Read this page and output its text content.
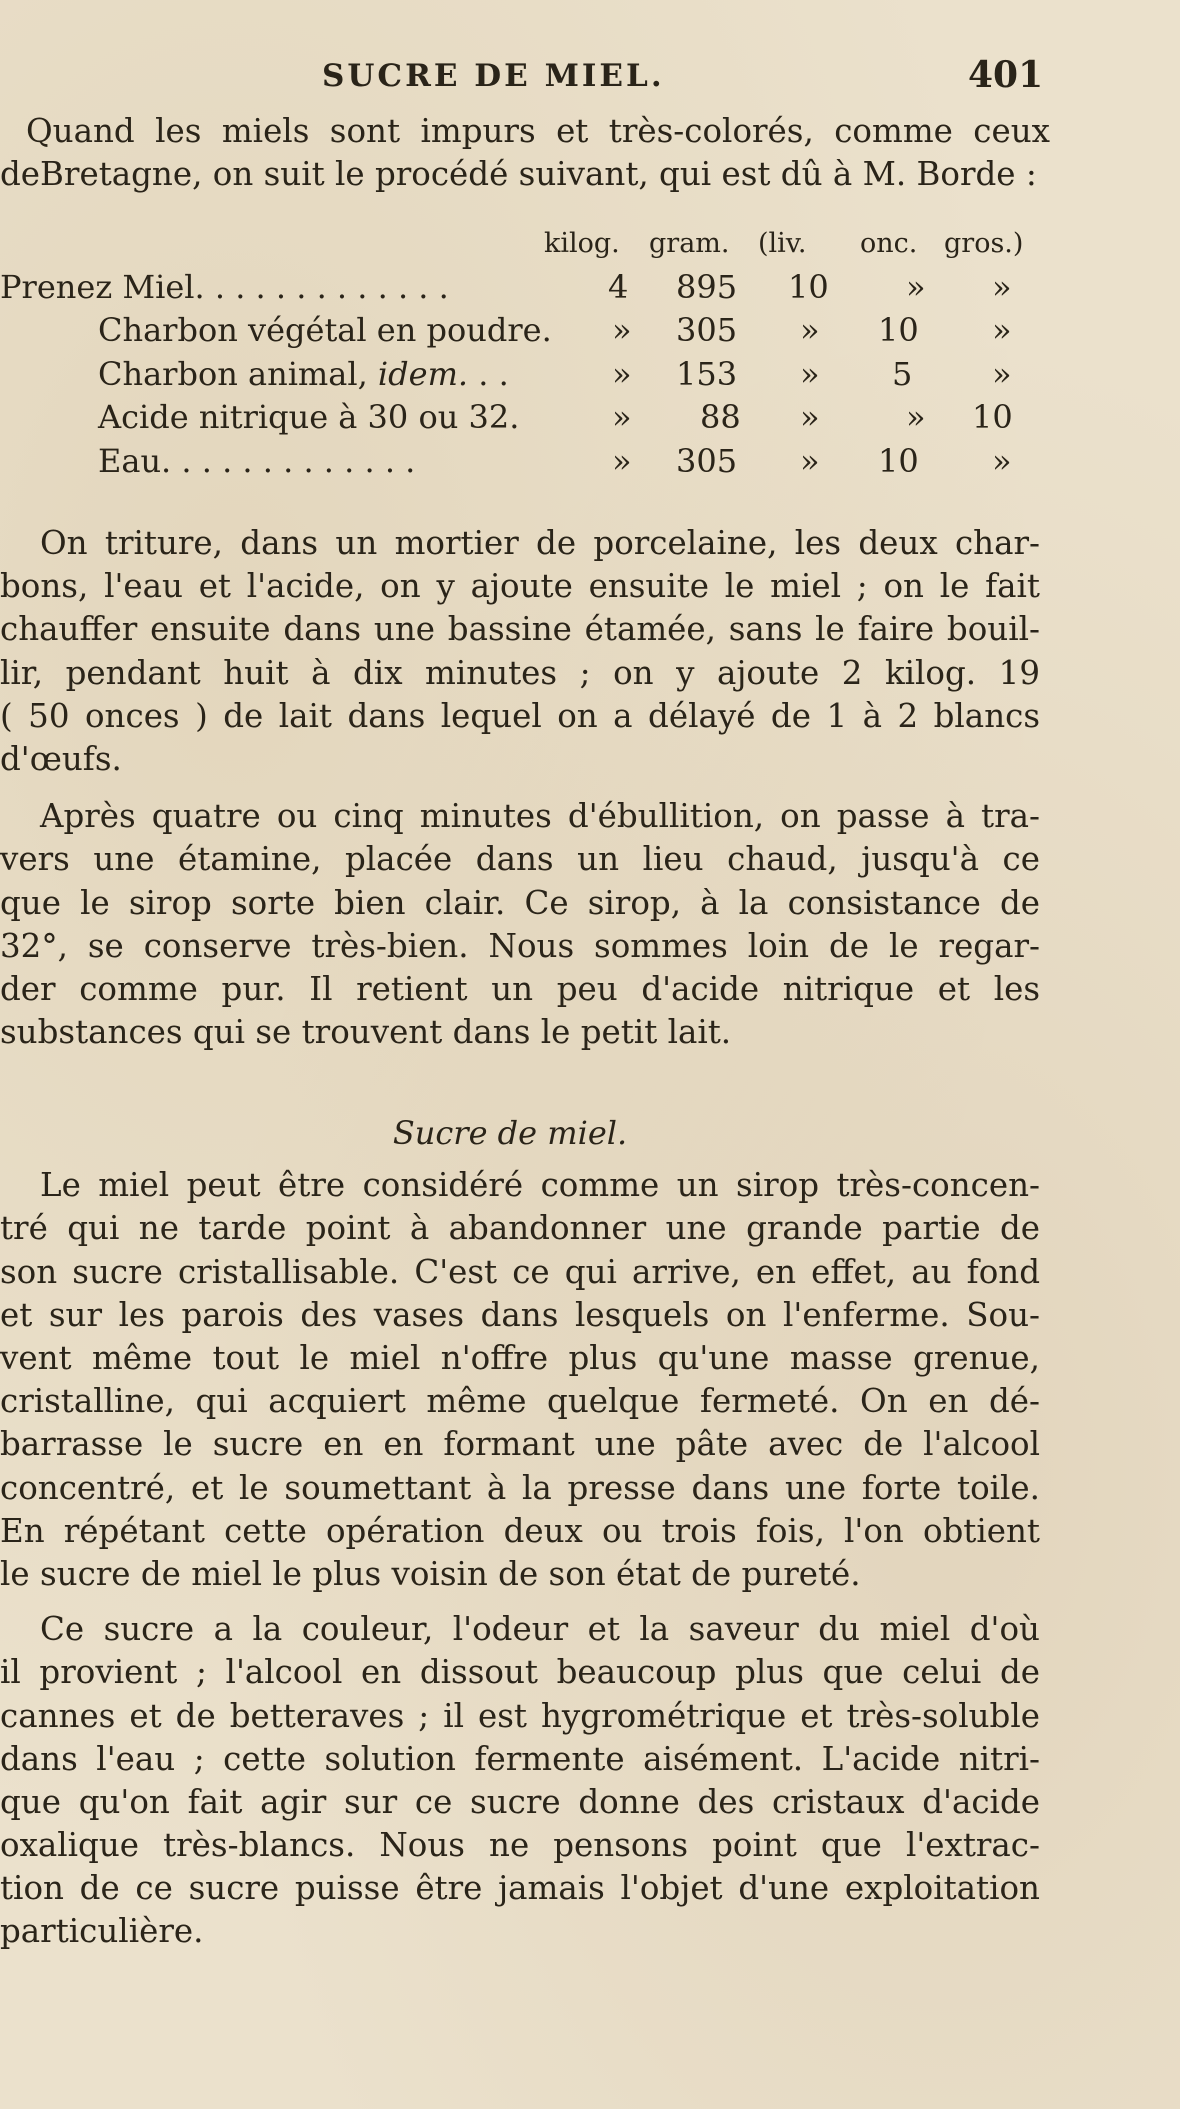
SUCRE DE MIEL.	401
Quand les miels sont impurs et très-colorés, comme ceux
deBretagne, on suit le procédé suivant, qui est dû à M. Borde :
kilog. gram. (liv. onc. gros.)
Prenez Miel. . . . . . . . . . . . .	4 895 10 » »
Charbon végétal en poudre. » 305 » 10 »
Charbon animal, idem. . .	» 153 » 5 »
Acide nitrique à 30 ou 32.	» 88 »	» 10
Eau. . . . . . . . . . . . .	» 305 » 10 »
On triture, dans un mortier de porcelaine, les deux char-
bons, l'eau et l'acide, on y ajoute ensuite le miel ; on le fait
chauffer ensuite dans une bassine étamée, sans le faire bouil-
lir, pendant huit à dix minutes ; on y ajoute 2 kilog. 19
( 50 onces ) de lait dans lequel on a délayé de 1 à 2 blancs
d'œufs.
Après quatre ou cinq minutes d'ébullition, on passe à tra-
vers une étamine, placée dans un lieu chaud, jusqu'à ce
que le sirop sorte bien clair. Ce sirop, à la consistance de
32°, se conserve très-bien. Nous sommes loin de le regar-
der comme pur. Il retient un peu d'acide nitrique et les
substances qui se trouvent dans le petit lait.
Le miel peut être considéré comme un sirop très-concen-
tré qui ne tarde point à abandonner une grande partie de
son sucre cristallisable. C'est ce qui arrive, en effet, au fond
et sur les parois des vases dans lesquels on l'enferme. Sou-
vent même tout le miel n'offre plus qu'une masse grenue,
cristalline, qui acquiert même quelque fermeté. On en dé-
barrasse le sucre en en formant une pâte avec de l'alcool
concentré, et le soumettant à la presse dans une forte toile.
En répétant cette opération deux ou trois fois, l'on obtient
le sucre de miel le plus voisin de son état de pureté.
Ce sucre a la couleur, l'odeur et la saveur du miel d'où
il provient ; l'alcool en dissout beaucoup plus que celui de
cannes et de betteraves ; il est hygrométrique et très-soluble
dans l'eau ; cette solution fermente aisément. L'acide nitri-
que qu'on fait agir sur ce sucre donne des cristaux d'acide
oxalique très-blancs. Nous ne pensons point que l'extrac-
tion de ce sucre puisse être jamais l'objet d'une exploitation
particulière.
Sucre de miel.
